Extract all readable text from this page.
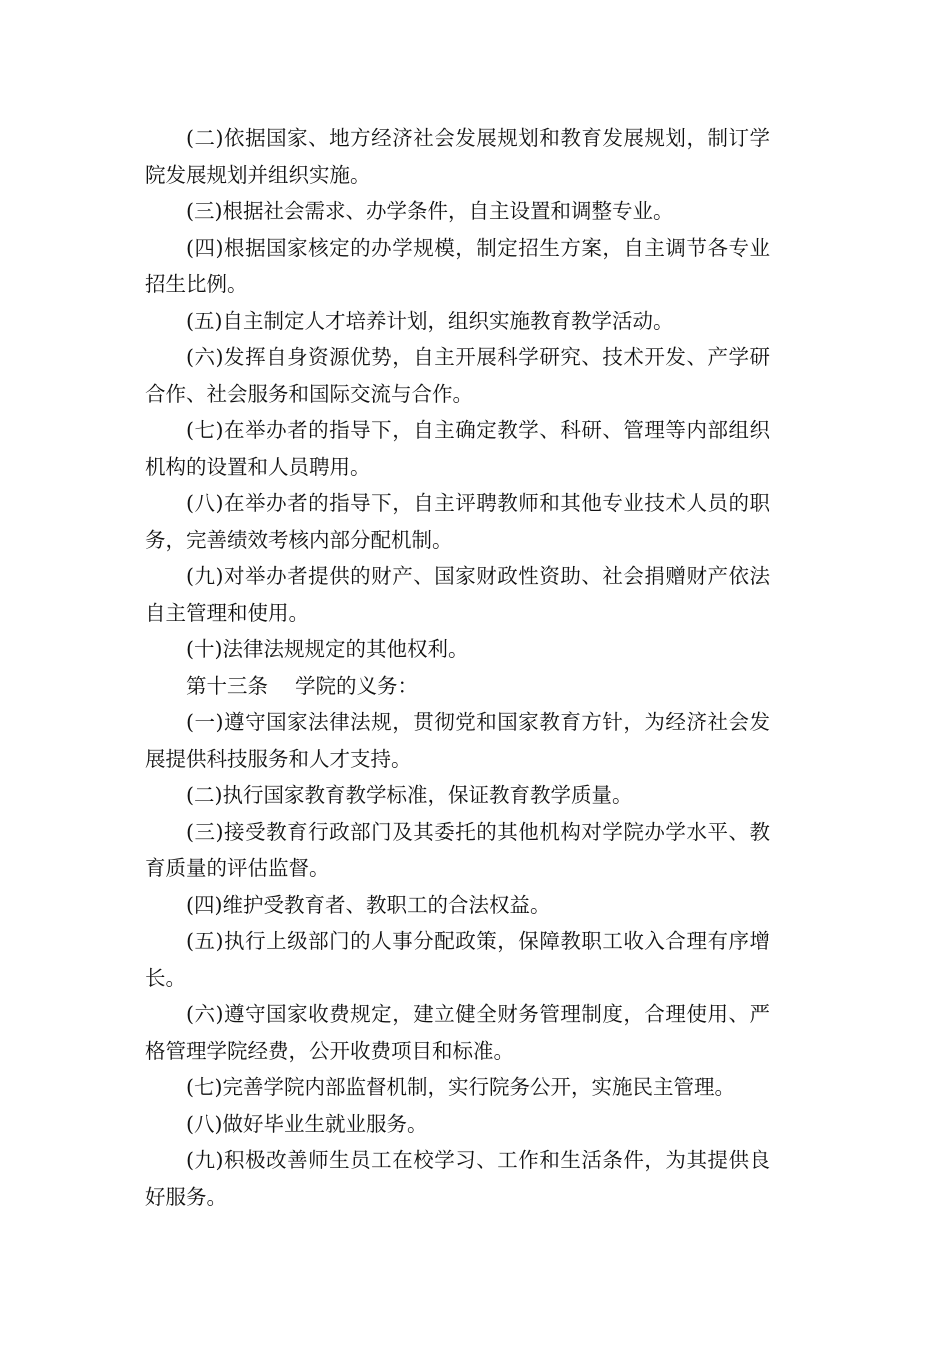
(二)依据国家、地方经济社会发展规划和教育发展规划，制订学院发展规划并组织实施。

(三)根据社会需求、办学条件，自主设置和调整专业。

(四)根据国家核定的办学规模，制定招生方案，自主调节各专业招生比例。

(五)自主制定人才培养计划，组织实施教育教学活动。

(六)发挥自身资源优势，自主开展科学研究、技术开发、产学研合作、社会服务和国际交流与合作。

(七)在举办者的指导下，自主确定教学、科研、管理等内部组织机构的设置和人员聘用。

(八)在举办者的指导下，自主评聘教师和其他专业技术人员的职务，完善绩效考核内部分配机制。

(九)对举办者提供的财产、国家财政性资助、社会捐赠财产依法自主管理和使用。

(十)法律法规规定的其他权利。

第十三条　 学院的义务：

(一)遵守国家法律法规，贯彻党和国家教育方针，为经济社会发展提供科技服务和人才支持。

(二)执行国家教育教学标准，保证教育教学质量。

(三)接受教育行政部门及其委托的其他机构对学院办学水平、教育质量的评估监督。

(四)维护受教育者、教职工的合法权益。

(五)执行上级部门的人事分配政策，保障教职工收入合理有序增长。

(六)遵守国家收费规定，建立健全财务管理制度，合理使用、严格管理学院经费，公开收费项目和标准。

(七)完善学院内部监督机制，实行院务公开，实施民主管理。

(八)做好毕业生就业服务。

(九)积极改善师生员工在校学习、工作和生活条件，为其提供良好服务。
